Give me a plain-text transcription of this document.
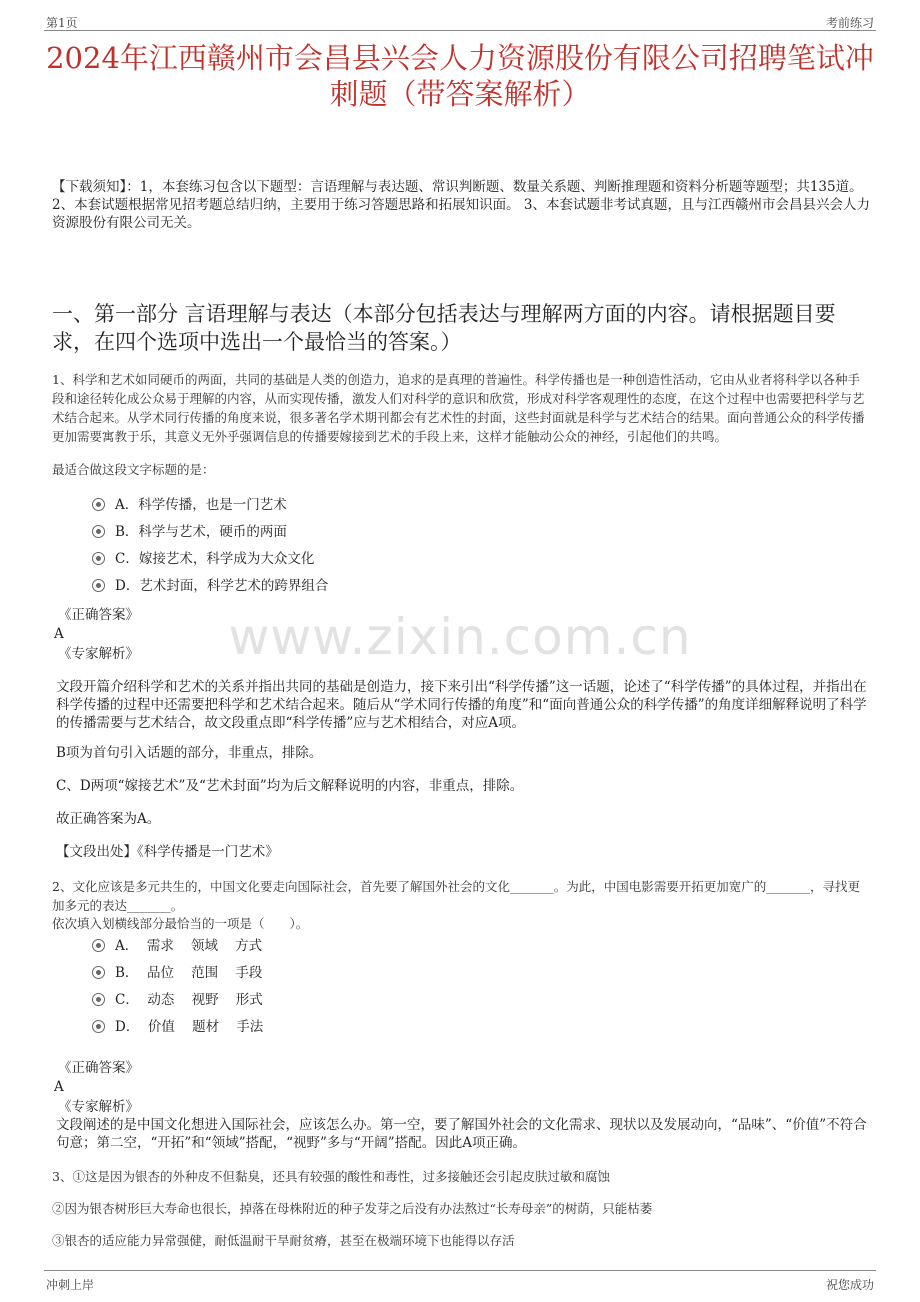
第1页	考前练习
2024年江西赣州市会昌县兴会人力资源股份有限公司招聘笔试冲刺题（带答案解析）
【下载须知】：1，本套练习包含以下题型：言语理解与表达题、常识判断题、数量关系题、判断推理题和资料分析题等题型；共135道。 2、本套试题根据常见招考题总结归纳，主要用于练习答题思路和拓展知识面。 3、本套试题非考试真题，且与江西赣州市会昌县兴会人力资源股份有限公司无关。
一、第一部分 言语理解与表达（本部分包括表达与理解两方面的内容。请根据题目要求，在四个选项中选出一个最恰当的答案。）
www.zixin.com.cn
1、科学和艺术如同硬币的两面，共同的基础是人类的创造力，追求的是真理的普遍性。科学传播也是一种创造性活动，它由从业者将科学以各种手段和途径转化成公众易于理解的内容，从而实现传播，激发人们对科学的意识和欣赏，形成对科学客观理性的态度，在这个过程中也需要把科学与艺术结合起来。从学术同行传播的角度来说，很多著名学术期刊都会有艺术性的封面，这些封面就是科学与艺术结合的结果。面向普通公众的科学传播更加需要寓教于乐，其意义无外乎强调信息的传播要嫁接到艺术的手段上来，这样才能触动公众的神经，引起他们的共鸣。
最适合做这段文字标题的是：
A．科学传播，也是一门艺术
B．科学与艺术，硬币的两面
C．嫁接艺术，科学成为大众文化
D．艺术封面，科学艺术的跨界组合
《正确答案》
A
《专家解析》
文段开篇介绍科学和艺术的关系并指出共同的基础是创造力，接下来引出“科学传播”这一话题，论述了“科学传播”的具体过程，并指出在科学传播的过程中还需要把科学和艺术结合起来。随后从“学术同行传播的角度”和“面向普通公众的科学传播”的角度详细解释说明了科学的传播需要与艺术结合，故文段重点即“科学传播”应与艺术相结合，对应A项。
B项为首句引入话题的部分，非重点，排除。
C、D两项“嫁接艺术”及“艺术封面”均为后文解释说明的内容，非重点，排除。
故正确答案为A。
【文段出处】《科学传播是一门艺术》
2、文化应该是多元共生的，中国文化要走向国际社会，首先要了解国外社会的文化_______。为此，中国电影需要开拓更加宽广的_______，寻找更加多元的表达_______。
依次填入划横线部分最恰当的一项是（　　）。
A．  需求    领域    方式
B．  品位    范围    手段
C．  动态    视野    形式
D．  价值    题材    手法
《正确答案》
A
《专家解析》
文段阐述的是中国文化想进入国际社会，应该怎么办。第一空，要了解国外社会的文化需求、现状以及发展动向，“品味”、“价值”不符合句意；第二空，“开拓”和“领域”搭配，“视野”多与“开阔”搭配。因此A项正确。
3、①这是因为银杏的外种皮不但黏臭，还具有较强的酸性和毒性，过多接触还会引起皮肤过敏和腐蚀
②因为银杏树形巨大寿命也很长，掉落在母株附近的种子发芽之后没有办法熬过“长寿母亲”的树荫，只能枯萎
③银杏的适应能力异常强健，耐低温耐干旱耐贫瘠，甚至在极端环境下也能得以存活
冲刺上岸	祝您成功
